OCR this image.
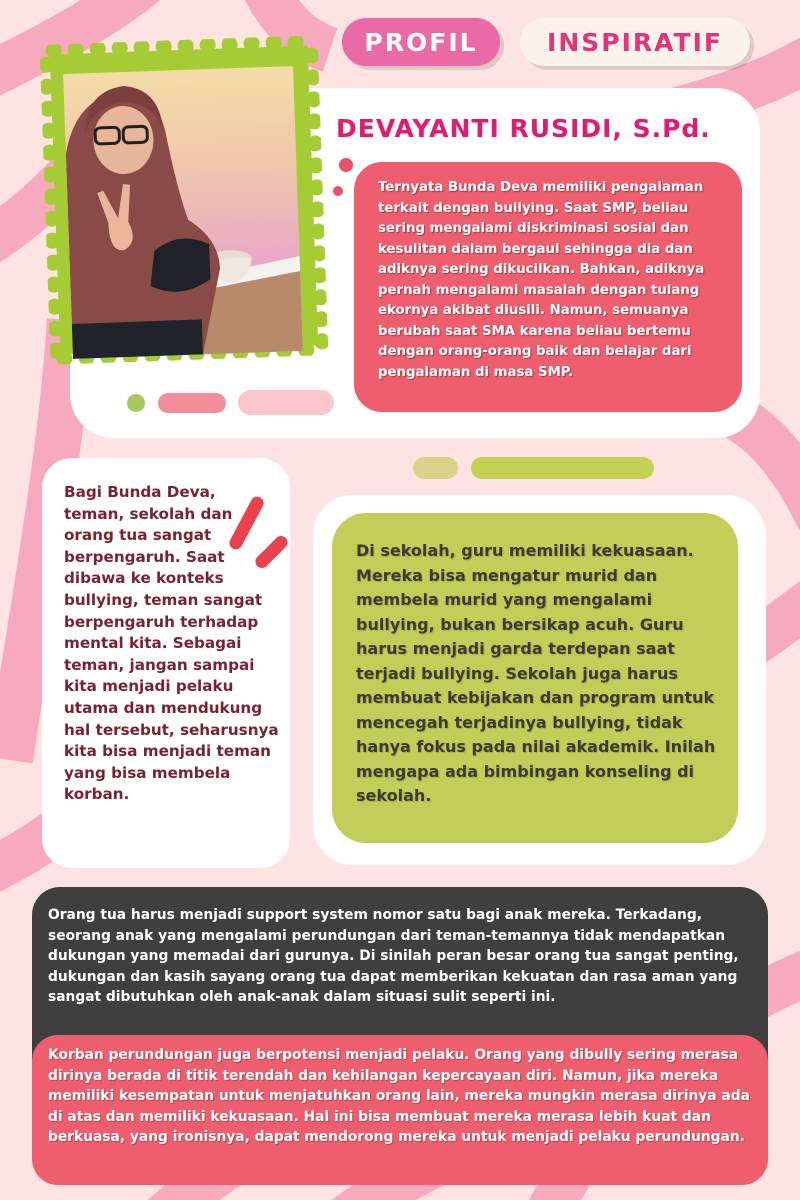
PROFIL	INSPIRATIF
DEVAYANTI RUSIDI, S.Pd.

Ternyata Bunda Deva memiliki pengalaman terkait dengan bullying. Saat SMP, beliau sering mengalami diskriminasi sosial dan kesulitan dalam bergaul sehingga dia dan adiknya sering dikucilkan. Bahkan, adiknya pernah mengalami masalah dengan tulang ekornya akibat diusili. Namun, semuanya berubah saat SMA karena beliau bertemu dengan orang-orang baik dan belajar dari pengalaman di masa SMP.

Bagi Bunda Deva, teman, sekolah dan orang tua sangat berpengaruh. Saat dibawa ke konteks bullying, teman sangat berpengaruh terhadap mental kita. Sebagai teman, jangan sampai kita menjadi pelaku utama dan mendukung hal tersebut, seharusnya kita bisa menjadi teman yang bisa membela korban.

Di sekolah, guru memiliki kekuasaan. Mereka bisa mengatur murid dan membela murid yang mengalami bullying, bukan bersikap acuh. Guru harus menjadi garda terdepan saat terjadi bullying. Sekolah juga harus membuat kebijakan dan program untuk mencegah terjadinya bullying, tidak hanya fokus pada nilai akademik. Inilah mengapa ada bimbingan konseling di sekolah.

Orang tua harus menjadi support system nomor satu bagi anak mereka. Terkadang, seorang anak yang mengalami perundungan dari teman-temannya tidak mendapatkan dukungan yang memadai dari gurunya. Di sinilah peran besar orang tua sangat penting, dukungan dan kasih sayang orang tua dapat memberikan kekuatan dan rasa aman yang sangat dibutuhkan oleh anak-anak dalam situasi sulit seperti ini.

Korban perundungan juga berpotensi menjadi pelaku. Orang yang dibully sering merasa dirinya berada di titik terendah dan kehilangan kepercayaan diri. Namun, jika mereka memiliki kesempatan untuk menjatuhkan orang lain, mereka mungkin merasa dirinya ada di atas dan memiliki kekuasaan. Hal ini bisa membuat mereka merasa lebih kuat dan berkuasa, yang ironisnya, dapat mendorong mereka untuk menjadi pelaku perundungan.
